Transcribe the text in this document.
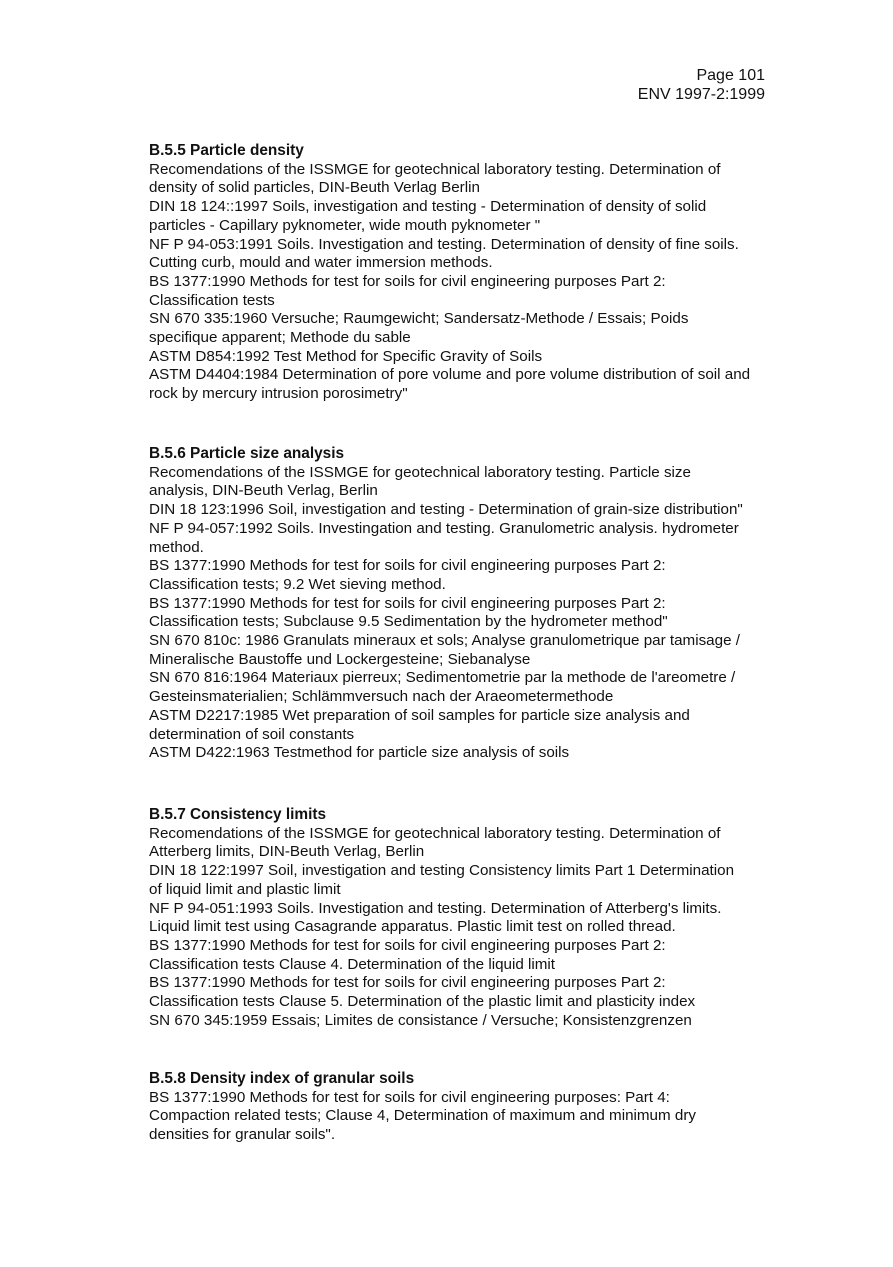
Page 101
ENV 1997-2:1999
B.5.5 Particle density
Recomendations of the ISSMGE for geotechnical laboratory testing. Determination of
density of solid particles, DIN-Beuth Verlag Berlin
DIN 18 124::1997 Soils, investigation and testing - Determination of density of solid
particles - Capillary pyknometer, wide mouth pyknometer "
NF P 94-053:1991 Soils. Investigation and testing. Determination of density of fine soils.
Cutting curb, mould and water immersion methods.
BS 1377:1990 Methods for test for soils for civil engineering purposes Part 2:
Classification tests
SN 670 335:1960 Versuche; Raumgewicht; Sandersatz-Methode / Essais; Poids
specifique apparent; Methode du sable
ASTM D854:1992 Test Method for Specific Gravity of Soils
ASTM D4404:1984 Determination of pore volume and pore volume distribution of soil and
rock by mercury intrusion porosimetry"
B.5.6 Particle size analysis
Recomendations of the ISSMGE for geotechnical laboratory testing. Particle size
analysis, DIN-Beuth Verlag, Berlin
DIN 18 123:1996 Soil, investigation and testing - Determination of grain-size distribution"
NF P 94-057:1992 Soils. Investingation and testing. Granulometric analysis. hydrometer
method.
BS 1377:1990 Methods for test for soils for civil engineering purposes Part 2:
Classification tests; 9.2 Wet sieving method.
BS 1377:1990 Methods for test for soils for civil engineering purposes Part 2:
Classification tests; Subclause 9.5 Sedimentation by the hydrometer method"
SN 670 810c: 1986 Granulats mineraux et sols; Analyse granulometrique par tamisage /
Mineralische Baustoffe und Lockergesteine; Siebanalyse
SN 670 816:1964 Materiaux pierreux; Sedimentometrie par la methode de l'areometre /
Gesteinsmaterialien; Schlämmversuch nach der Araeometermethode
ASTM D2217:1985 Wet preparation of soil samples for particle size analysis and
determination of soil constants
ASTM D422:1963 Testmethod for particle size analysis of soils
B.5.7 Consistency limits
Recomendations of the ISSMGE for geotechnical laboratory testing. Determination of
Atterberg limits, DIN-Beuth Verlag, Berlin
DIN 18 122:1997 Soil, investigation and testing Consistency limits Part 1 Determination
of liquid limit and plastic limit
NF P 94-051:1993 Soils. Investigation and testing. Determination of Atterberg's limits.
Liquid limit test using Casagrande apparatus. Plastic limit test on rolled thread.
BS 1377:1990 Methods for test for soils for civil engineering purposes Part 2:
Classification tests Clause 4. Determination of the liquid limit
BS 1377:1990 Methods for test for soils for civil engineering purposes Part 2:
Classification tests Clause 5. Determination of the plastic limit and plasticity index
SN 670 345:1959 Essais; Limites de consistance / Versuche; Konsistenzgrenzen
B.5.8 Density index of granular soils
BS 1377:1990 Methods for test for soils for civil engineering purposes: Part 4:
Compaction related tests; Clause 4, Determination of maximum and minimum dry
densities for granular soils".
